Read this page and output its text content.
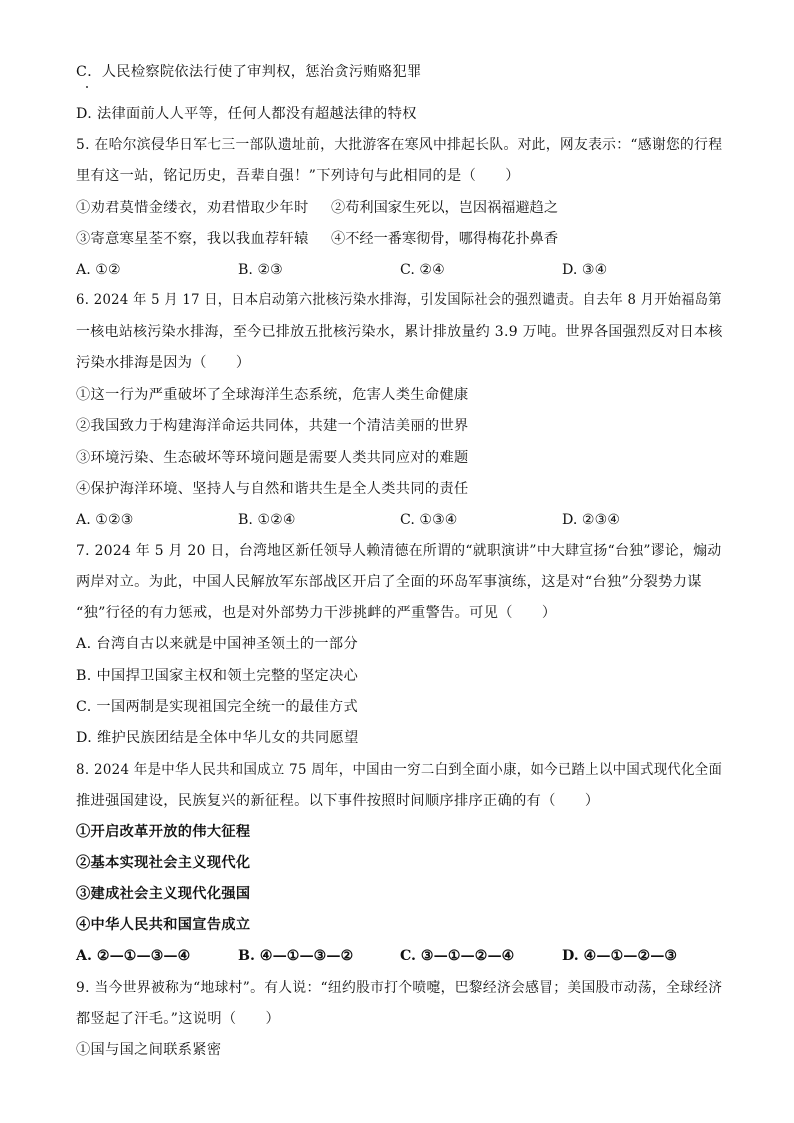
C．人民检察院依法行使了审判权，惩治贪污贿赂犯罪
D. 法律面前人人平等，任何人都没有超越法律的特权
5. 在哈尔滨侵华日军七三一部队遗址前，大批游客在寒风中排起长队。对此，网友表示：“感谢您的行程
里有这一站，铭记历史，吾辈自强！”下列诗句与此相同的是（　　）
①劝君莫惜金缕衣，劝君惜取少年时 ②苟利国家生死以，岂因祸福避趋之
③寄意寒星荃不察，我以我血荐轩辕 ④不经一番寒彻骨，哪得梅花扑鼻香
A. ①②	B. ②③	C. ②④	D. ③④
6. 2024 年 5 月 17 日，日本启动第六批核污染水排海，引发国际社会的强烈谴责。自去年 8 月开始福岛第
一核电站核污染水排海，至今已排放五批核污染水，累计排放量约 3.9 万吨。世界各国强烈反对日本核
污染水排海是因为（　　）
①这一行为严重破坏了全球海洋生态系统，危害人类生命健康
②我国致力于构建海洋命运共同体，共建一个清洁美丽的世界
③环境污染、生态破坏等环境问题是需要人类共同应对的难题
④保护海洋环境、坚持人与自然和谐共生是全人类共同的责任
A. ①②③	B. ①②④	C. ①③④	D. ②③④
7. 2024 年 5 月 20 日，台湾地区新任领导人赖清德在所谓的“就职演讲”中大肆宣扬“台独”谬论，煽动
两岸对立。为此，中国人民解放军东部战区开启了全面的环岛军事演练，这是对“台独”分裂势力谋
“独”行径的有力惩戒，也是对外部势力干涉挑衅的严重警告。可见（　　）
A. 台湾自古以来就是中国神圣领土的一部分
B. 中国捍卫国家主权和领土完整的坚定决心
C. 一国两制是实现祖国完全统一的最佳方式
D. 维护民族团结是全体中华儿女的共同愿望
8. 2024 年是中华人民共和国成立 75 周年，中国由一穷二白到全面小康，如今已踏上以中国式现代化全面
推进强国建设，民族复兴的新征程。以下事件按照时间顺序排序正确的有（　　）
①开启改革开放的伟大征程
②基本实现社会主义现代化
③建成社会主义现代化强国
④中华人民共和国宣告成立
A. ②—①—③—④	B. ④—①—③—②	C. ③—①—②—④	D. ④—①—②—③
9. 当今世界被称为“地球村”。有人说：“纽约股市打个喷嚏，巴黎经济会感冒；美国股市动荡，全球经济
都竖起了汗毛。”这说明（　　）
①国与国之间联系紧密
